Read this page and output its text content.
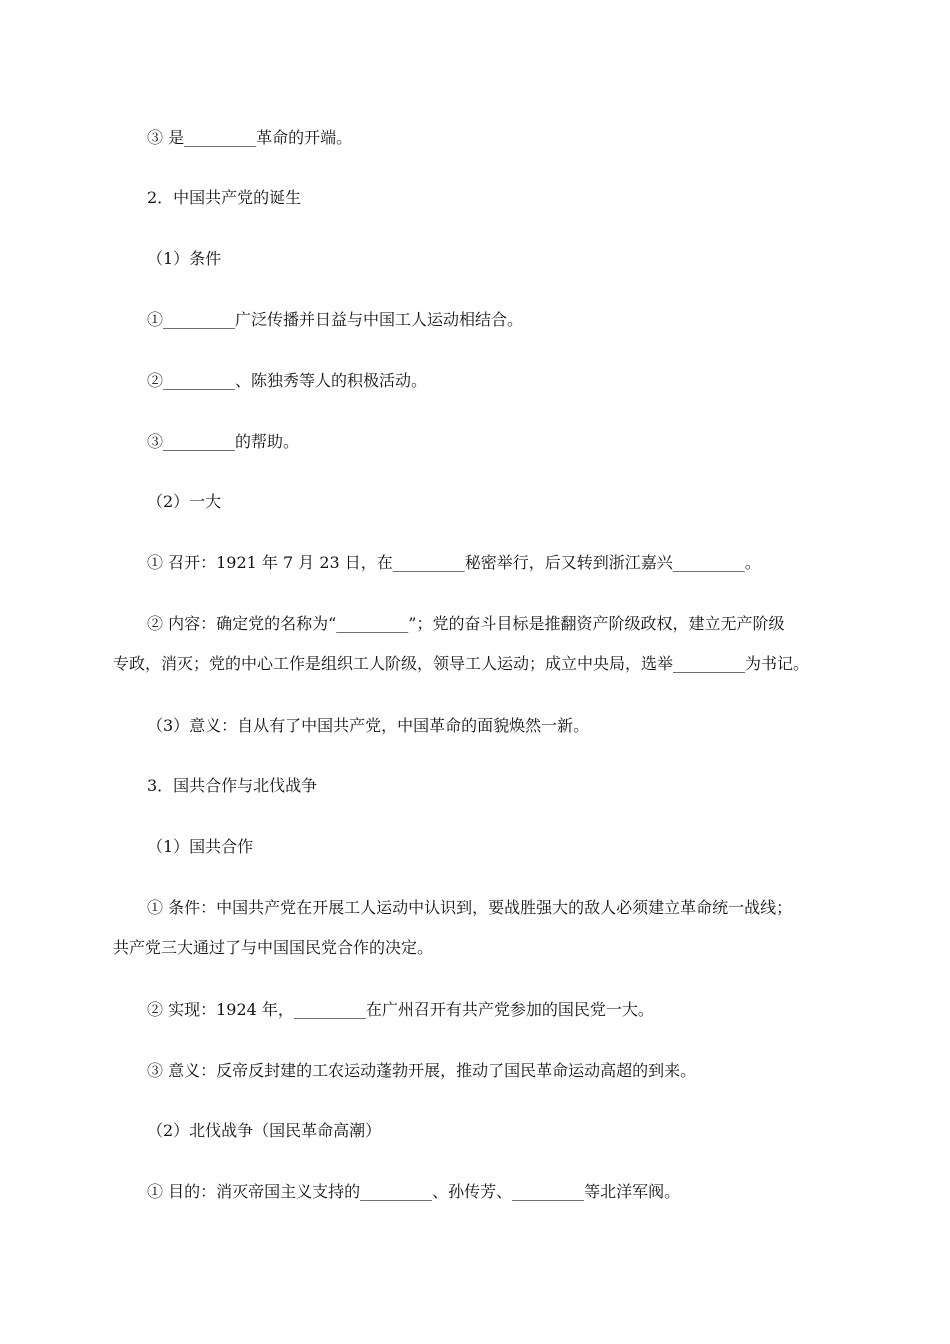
③ 是_________革命的开端。
2．中国共产党的诞生
（1）条件
①_________广泛传播并日益与中国工人运动相结合。
②_________、陈独秀等人的积极活动。
③_________的帮助。
（2）一大
① 召开：1921 年 7 月 23 日，在_________秘密举行，后又转到浙江嘉兴_________。
② 内容：确定党的名称为“_________”；党的奋斗目标是推翻资产阶级政权，建立无产阶级
专政，消灭；党的中心工作是组织工人阶级，领导工人运动；成立中央局，选举_________为书记。
（3）意义：自从有了中国共产党，中国革命的面貌焕然一新。
3．国共合作与北伐战争
（1）国共合作
① 条件：中国共产党在开展工人运动中认识到，要战胜强大的敌人必须建立革命统一战线；
共产党三大通过了与中国国民党合作的决定。
② 实现：1924 年，_________在广州召开有共产党参加的国民党一大。
③ 意义：反帝反封建的工农运动蓬勃开展，推动了国民革命运动高超的到来。
（2）北伐战争（国民革命高潮）
① 目的：消灭帝国主义支持的_________、孙传芳、_________等北洋军阀。
